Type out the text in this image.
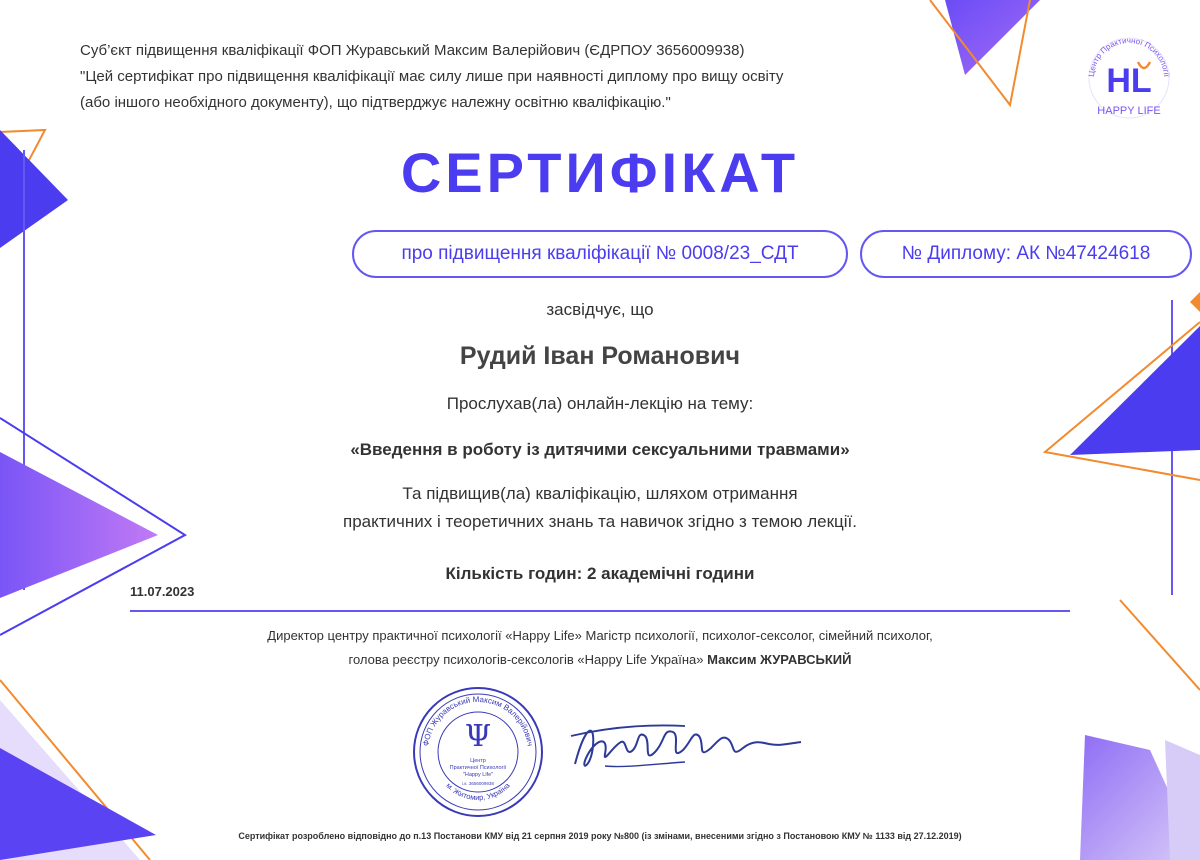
Центр Практичної Психології
HL
HAPPY LIFE
Суб’єкт підвищення кваліфікації ФОП Журавський Максим Валерійович (ЄДРПОУ 3656009938)
"Цей сертифікат про підвищення кваліфікації має силу лише при наявності диплому про вищу освіту
(або іншого необхідного документу), що підтверджує належну освітню кваліфікацію."
СЕРТИФІКАТ
про підвищення кваліфікації № 0008/23_СДТ	№ Диплому: АК №47424618
засвідчує, що
Рудий Іван Романович
Прослухав(ла) онлайн-лекцію на тему:
«Введення в роботу із дитячими сексуальними травмами»
Та підвищив(ла) кваліфікацію, шляхом отримання
практичних і теоретичних знань та навичок згідно з темою лекції.
Кількість годин: 2 академічні години
11.07.2023
Директор центру практичної психології «Happy Life» Магістр психології, психолог-сексолог, сімейний психолог,
голова реєстру психологів-сексологів «Happy Life Україна» Максим ЖУРАВСЬКИЙ
ФОП Журавський Максим Валерійович
м. Житомир, Україна
Ψ
Центр
Практичної Психології
"Happy Life"
і.к. 3656009938
Сертифікат розроблено відповідно до п.13 Постанови КМУ від 21 серпня 2019 року №800 (із змінами, внесеними згідно з Постановою КМУ № 1133 від 27.12.2019)
